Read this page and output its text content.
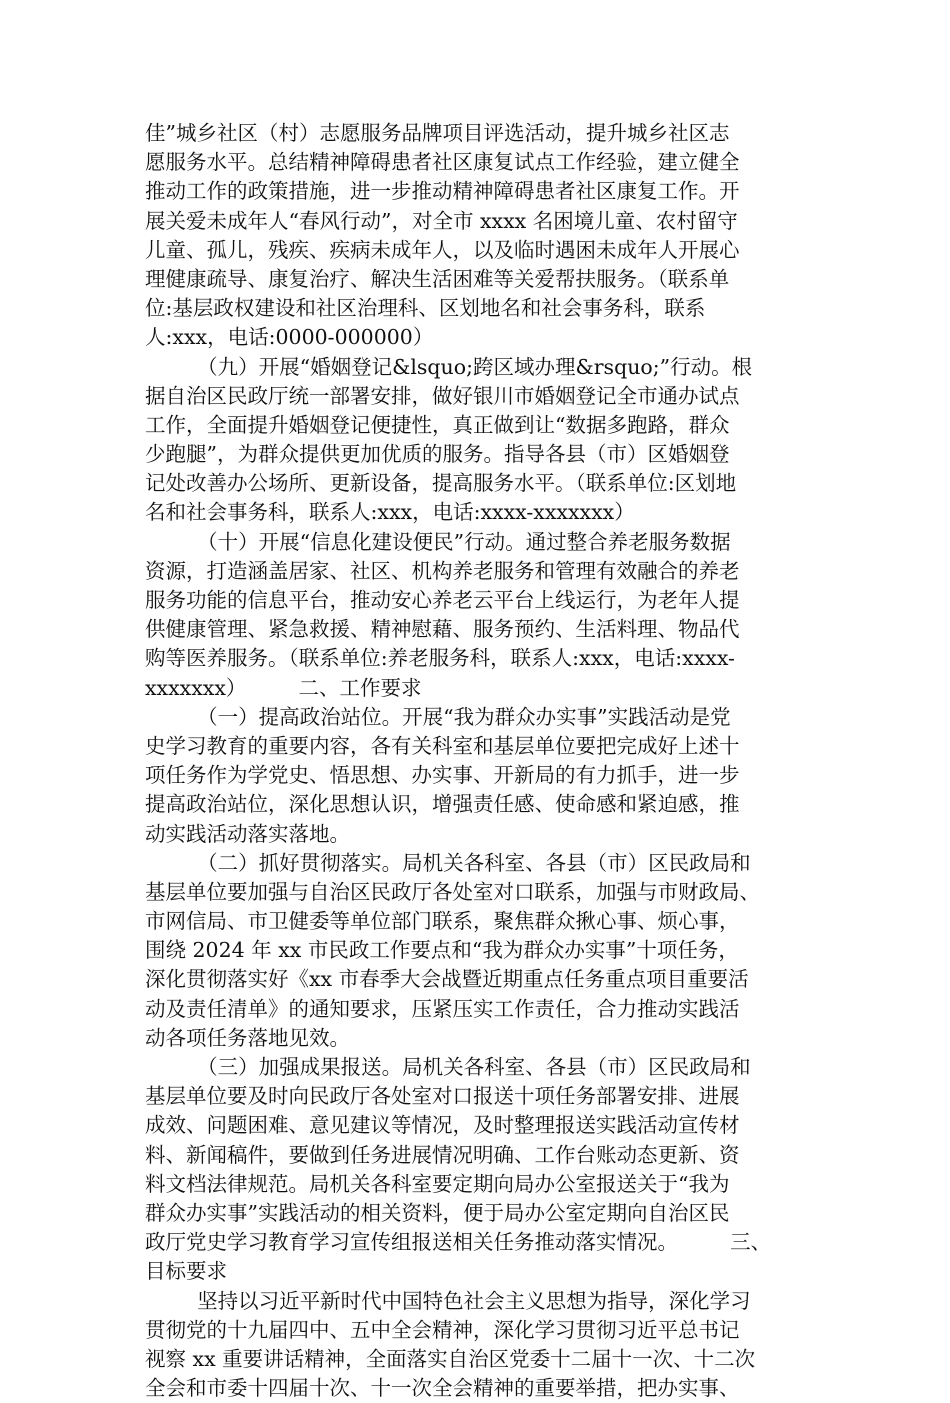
佳”城乡社区（村）志愿服务品牌项目评选活动，提升城乡社区志
愿服务水平。总结精神障碍患者社区康复试点工作经验，建立健全
推动工作的政策措施，进一步推动精神障碍患者社区康复工作。开
展关爱未成年人“春风行动”，对全市 xxxx 名困境儿童、农村留守
儿童、孤儿，残疾、疾病未成年人，以及临时遇困未成年人开展心
理健康疏导、康复治疗、解决生活困难等关爱帮扶服务。（联系单
位:基层政权建设和社区治理科、区划地名和社会事务科，联系
人:xxx，电话:0000-000000）
（九）开展“婚姻登记&lsquo;跨区域办理&rsquo;”行动。根
据自治区民政厅统一部署安排，做好银川市婚姻登记全市通办试点
工作，全面提升婚姻登记便捷性，真正做到让“数据多跑路，群众
少跑腿”，为群众提供更加优质的服务。指导各县（市）区婚姻登
记处改善办公场所、更新设备，提高服务水平。（联系单位:区划地
名和社会事务科，联系人:xxx，电话:xxxx-xxxxxxx）
（十）开展“信息化建设便民”行动。通过整合养老服务数据
资源，打造涵盖居家、社区、机构养老服务和管理有效融合的养老
服务功能的信息平台，推动安心养老云平台上线运行，为老年人提
供健康管理、紧急救援、精神慰藉、服务预约、生活料理、物品代
购等医养服务。（联系单位:养老服务科，联系人:xxx，电话:xxxx-
xxxxxxx）        二、工作要求
（一）提高政治站位。开展“我为群众办实事”实践活动是党
史学习教育的重要内容，各有关科室和基层单位要把完成好上述十
项任务作为学党史、悟思想、办实事、开新局的有力抓手，进一步
提高政治站位，深化思想认识，增强责任感、使命感和紧迫感，推
动实践活动落实落地。
（二）抓好贯彻落实。局机关各科室、各县（市）区民政局和
基层单位要加强与自治区民政厅各处室对口联系，加强与市财政局、
市网信局、市卫健委等单位部门联系，聚焦群众揪心事、烦心事，
围绕 2024 年 xx 市民政工作要点和“我为群众办实事”十项任务，
深化贯彻落实好《xx 市春季大会战暨近期重点任务重点项目重要活
动及责任清单》的通知要求，压紧压实工作责任，合力推动实践活
动各项任务落地见效。
（三）加强成果报送。局机关各科室、各县（市）区民政局和
基层单位要及时向民政厅各处室对口报送十项任务部署安排、进展
成效、问题困难、意见建议等情况，及时整理报送实践活动宣传材
料、新闻稿件，要做到任务进展情况明确、工作台账动态更新、资
料文档法律规范。局机关各科室要定期向局办公室报送关于“我为
群众办实事”实践活动的相关资料，便于局办公室定期向自治区民
政厅党史学习教育学习宣传组报送相关任务推动落实情况。        三、
目标要求
坚持以习近平新时代中国特色社会主义思想为指导，深化学习
贯彻党的十九届四中、五中全会精神，深化学习贯彻习近平总书记
视察 xx 重要讲话精神，全面落实自治区党委十二届十一次、十二次
全会和市委十四届十次、十一次全会精神的重要举措，把办实事、
